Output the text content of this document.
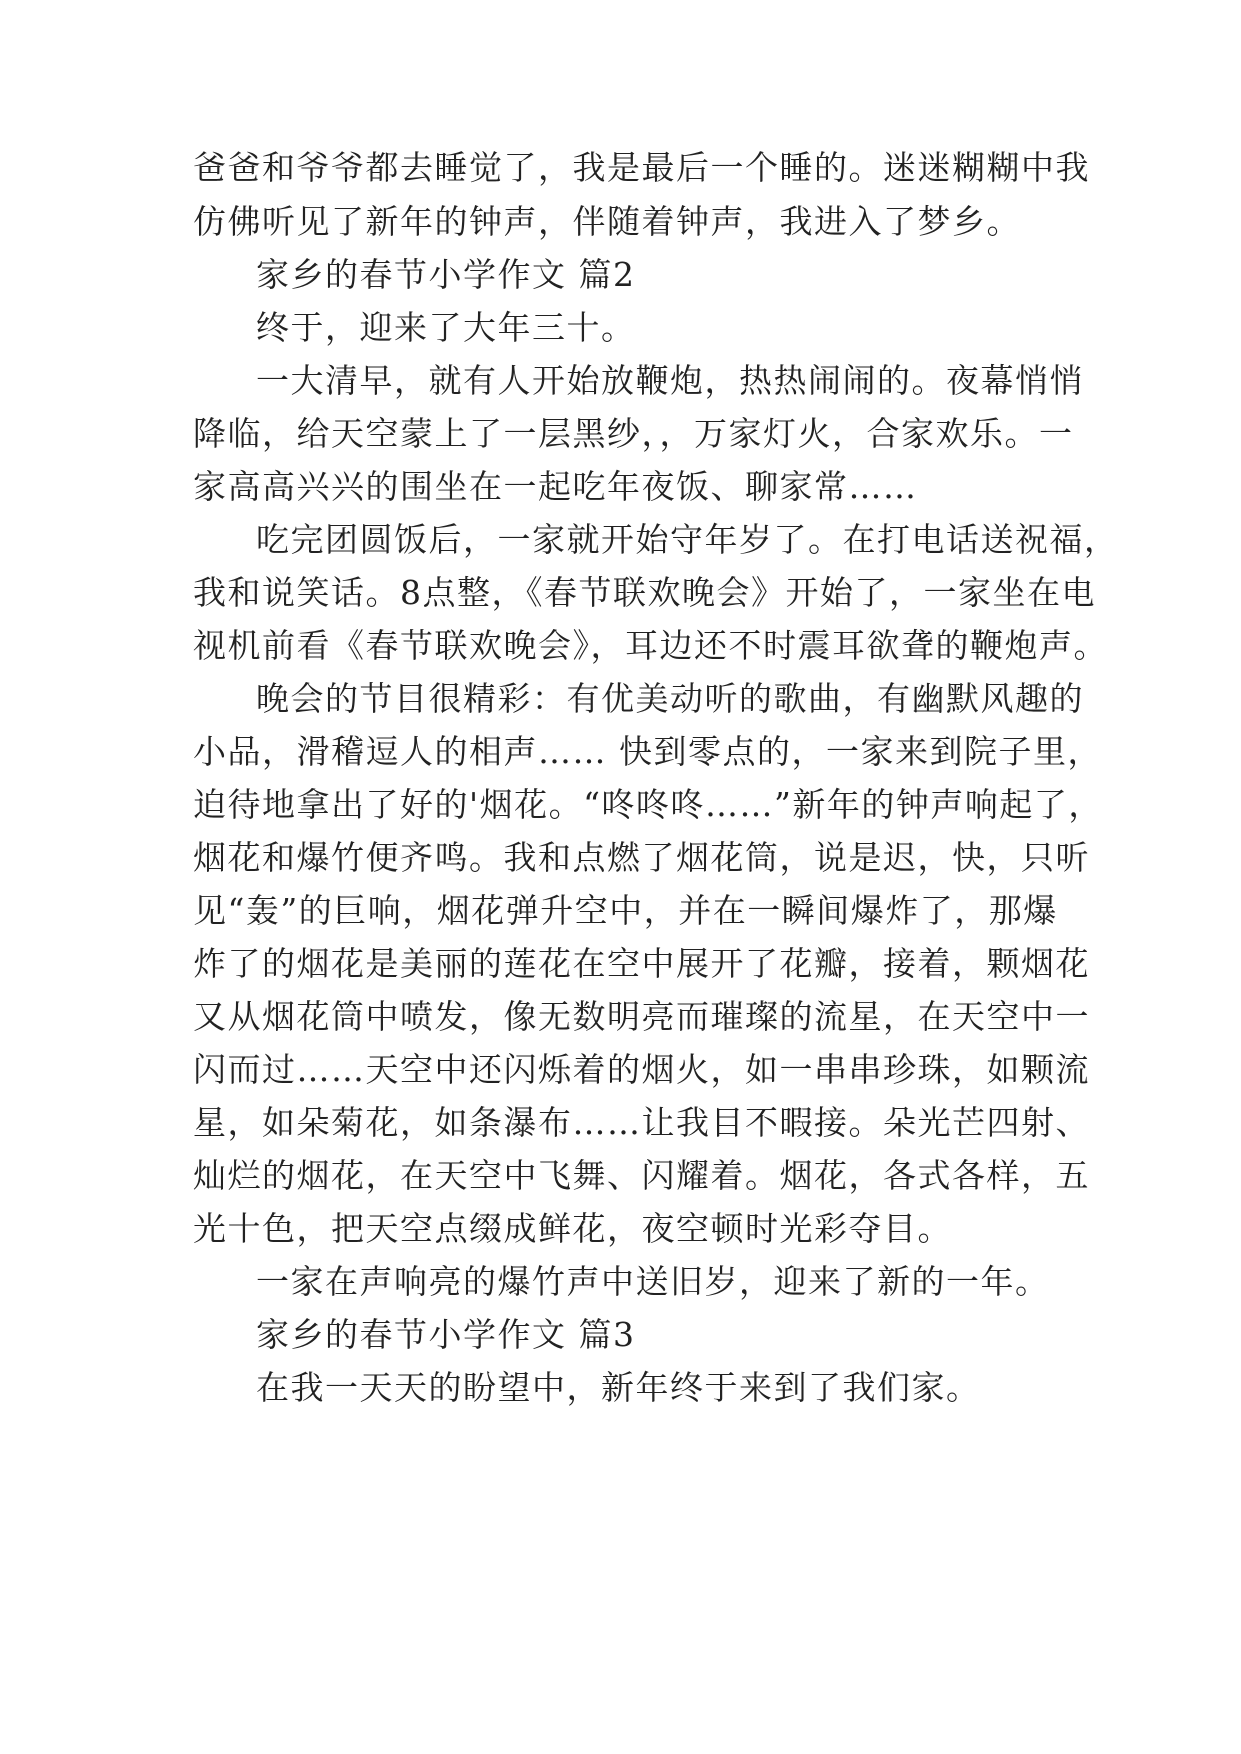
爸爸和爷爷都去睡觉了，我是最后一个睡的。迷迷糊糊中我
仿佛听见了新年的钟声，伴随着钟声，我进入了梦乡。
家乡的春节小学作文 篇2
终于，迎来了大年三十。
一大清早，就有人开始放鞭炮，热热闹闹的。夜幕悄悄
降临，给天空蒙上了一层黑纱，，万家灯火，合家欢乐。一
家高高兴兴的围坐在一起吃年夜饭、聊家常……
吃完团圆饭后，一家就开始守年岁了。在打电话送祝福，
我和说笑话。8点整，《春节联欢晚会》开始了，一家坐在电
视机前看《春节联欢晚会》，耳边还不时震耳欲聋的鞭炮声。
晚会的节目很精彩：有优美动听的歌曲，有幽默风趣的
小品，滑稽逗人的相声…… 快到零点的，一家来到院子里，
迫待地拿出了好的'烟花。“咚咚咚……”新年的钟声响起了，
烟花和爆竹便齐鸣。我和点燃了烟花筒，说是迟，快，只听
见“轰”的巨响，烟花弹升空中，并在一瞬间爆炸了，那爆
炸了的烟花是美丽的莲花在空中展开了花瓣，接着，颗烟花
又从烟花筒中喷发，像无数明亮而璀璨的流星，在天空中一
闪而过……天空中还闪烁着的烟火，如一串串珍珠，如颗流
星，如朵菊花，如条瀑布……让我目不暇接。朵光芒四射、
灿烂的烟花，在天空中飞舞、闪耀着。烟花，各式各样，五
光十色，把天空点缀成鲜花，夜空顿时光彩夺目。
一家在声响亮的爆竹声中送旧岁，迎来了新的一年。
家乡的春节小学作文 篇3
在我一天天的盼望中，新年终于来到了我们家。
